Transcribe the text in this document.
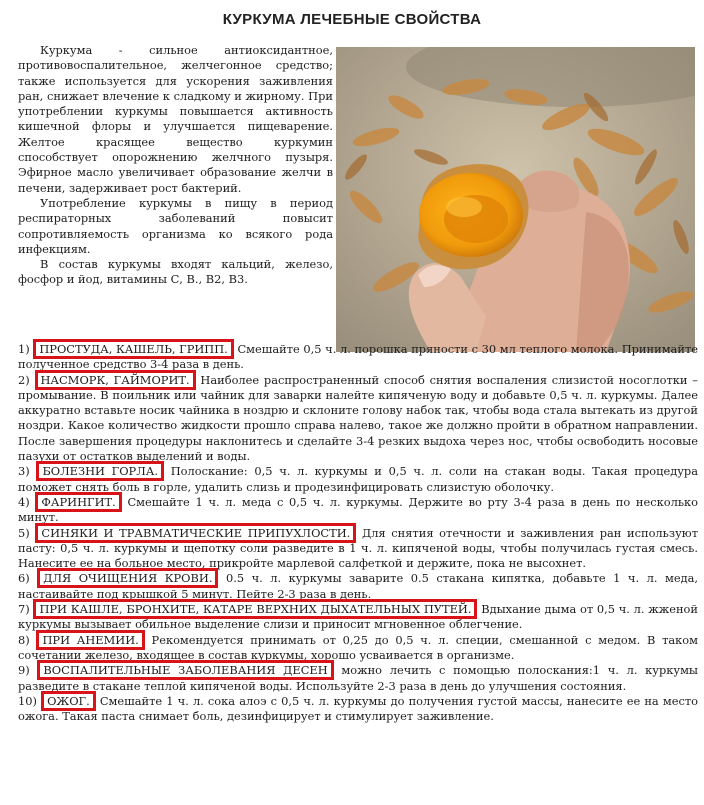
КУРКУМА ЛЕЧЕБНЫЕ СВОЙСТВА

Куркума - сильное антиоксидантное, противовоспалительное, желчегонное средство; также используется для ускорения заживления ран, снижает влечение к сладкому и жирному. При употреблении куркумы повышается активность кишечной флоры и улучшается пищеварение. Желтое красящее вещество куркумин способствует опорожнению желчного пузыря. Эфирное масло увеличивает образование желчи в печени, задерживает рост бактерий.

Употребление куркумы в пищу в период респираторных заболеваний повысит сопротивляемость организма ко всякого рода инфекциям.

В состав куркумы входят кальций, железо, фосфор и йод, витамины С, В., В2, В3.

1) ПРОСТУДА, КАШЕЛЬ, ГРИПП. Смешайте 0,5 ч. л. порошка пряности с 30 мл теплого молока. Принимайте полученное средство 3-4 раза в день.
2) НАСМОРК, ГАЙМОРИТ. Наиболее распространенный способ снятия воспаления слизистой носоглотки – промывание. В поильник или чайник для заварки налейте кипяченую воду и добавьте 0,5 ч. л. куркумы. Далее аккуратно вставьте носик чайника в ноздрю и склоните голову набок так, чтобы вода стала вытекать из другой ноздри. Какое количество жидкости прошло справа налево, такое же должно пройти в обратном направлении. После завершения процедуры наклонитесь и сделайте 3-4 резких выдоха через нос, чтобы освободить носовые пазухи от остатков выделений и воды.
3) БОЛЕЗНИ ГОРЛА. Полоскание: 0,5 ч. л. куркумы и 0,5 ч. л. соли на стакан воды. Такая процедура поможет снять боль в горле, удалить слизь и продезинфицировать слизистую оболочку.
4) ФАРИНГИТ. Смешайте 1 ч. л. меда с 0,5 ч. л. куркумы. Держите во рту 3-4 раза в день по несколько минут.
5) СИНЯКИ И ТРАВМАТИЧЕСКИЕ ПРИПУХЛОСТИ. Для снятия отечности и заживления ран используют пасту: 0,5 ч. л. куркумы и щепотку соли разведите в 1 ч. л. кипяченой воды, чтобы получилась густая смесь. Нанесите ее на больное место, прикройте марлевой салфеткой и держите, пока не высохнет.
6) ДЛЯ ОЧИЩЕНИЯ КРОВИ. 0.5 ч. л. куркумы заварите 0.5 стакана кипятка, добавьте 1 ч. л. меда, настаивайте под крышкой 5 минут. Пейте 2-3 раза в день.
7) ПРИ КАШЛЕ, БРОНХИТЕ, КАТАРЕ ВЕРХНИХ ДЫХАТЕЛЬНЫХ ПУТЕЙ. Вдыхание дыма от 0,5 ч. л. жженой куркумы вызывает обильное выделение слизи и приносит мгновенное облегчение.
8) ПРИ АНЕМИИ. Рекомендуется принимать от 0,25 до 0,5 ч. л. специи, смешанной с медом. В таком сочетании железо, входящее в состав куркумы, хорошо усваивается в организме.
9) ВОСПАЛИТЕЛЬНЫЕ ЗАБОЛЕВАНИЯ ДЕСЕН можно лечить с помощью полоскания:1 ч. л. куркумы разведите в стакане теплой кипяченой воды. Используйте 2-3 раза в день до улучшения состояния.
10) ОЖОГ. Смешайте 1 ч. л. сока алоэ с 0,5 ч. л. куркумы до получения густой массы, нанесите ее на место ожога. Такая паста снимает боль, дезинфицирует и стимулирует заживление.
